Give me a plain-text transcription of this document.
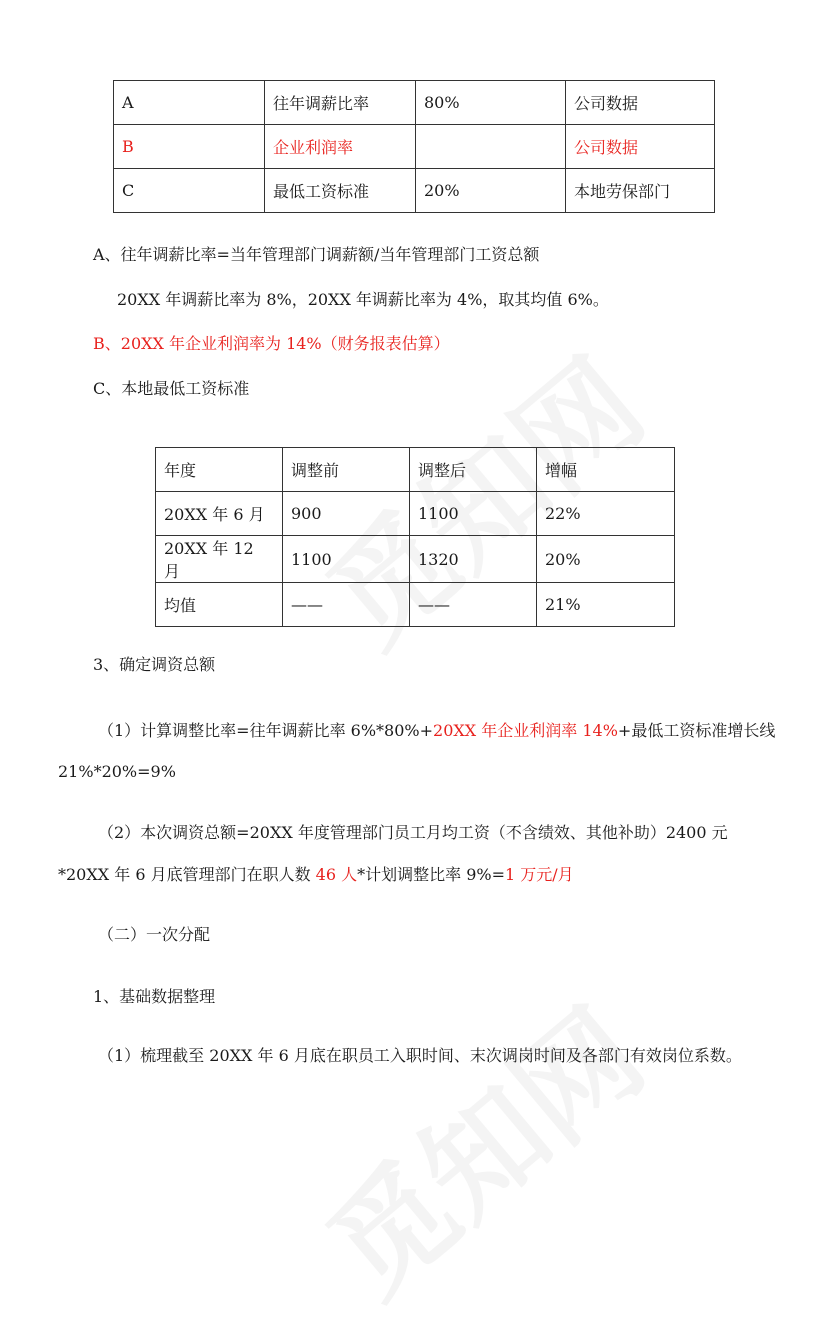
A	往年调薪比率	80%	公司数据
B	企业利润率		公司数据
C	最低工资标准	20%	本地劳保部门
A、往年调薪比率=当年管理部门调薪额/当年管理部门工资总额
20XX 年调薪比率为 8%，20XX 年调薪比率为 4%，取其均值 6%。
B、20XX 年企业利润率为 14%（财务报表估算）
C、本地最低工资标准
年度	调整前	调整后	增幅
20XX 年 6 月	900	1100	22%
20XX 年 12 月	1100	1320	20%
均值	——	——	21%
3、确定调资总额
（1）计算调整比率=往年调薪比率 6%*80%+20XX 年企业利润率 14%+最低工资标准增长线
21%*20%=9%
（2）本次调资总额=20XX 年度管理部门员工月均工资（不含绩效、其他补助）2400 元
*20XX 年 6 月底管理部门在职人数 46 人*计划调整比率 9%=1 万元/月
（二）一次分配
1、基础数据整理
（1）梳理截至 20XX 年 6 月底在职员工入职时间、末次调岗时间及各部门有效岗位系数。
